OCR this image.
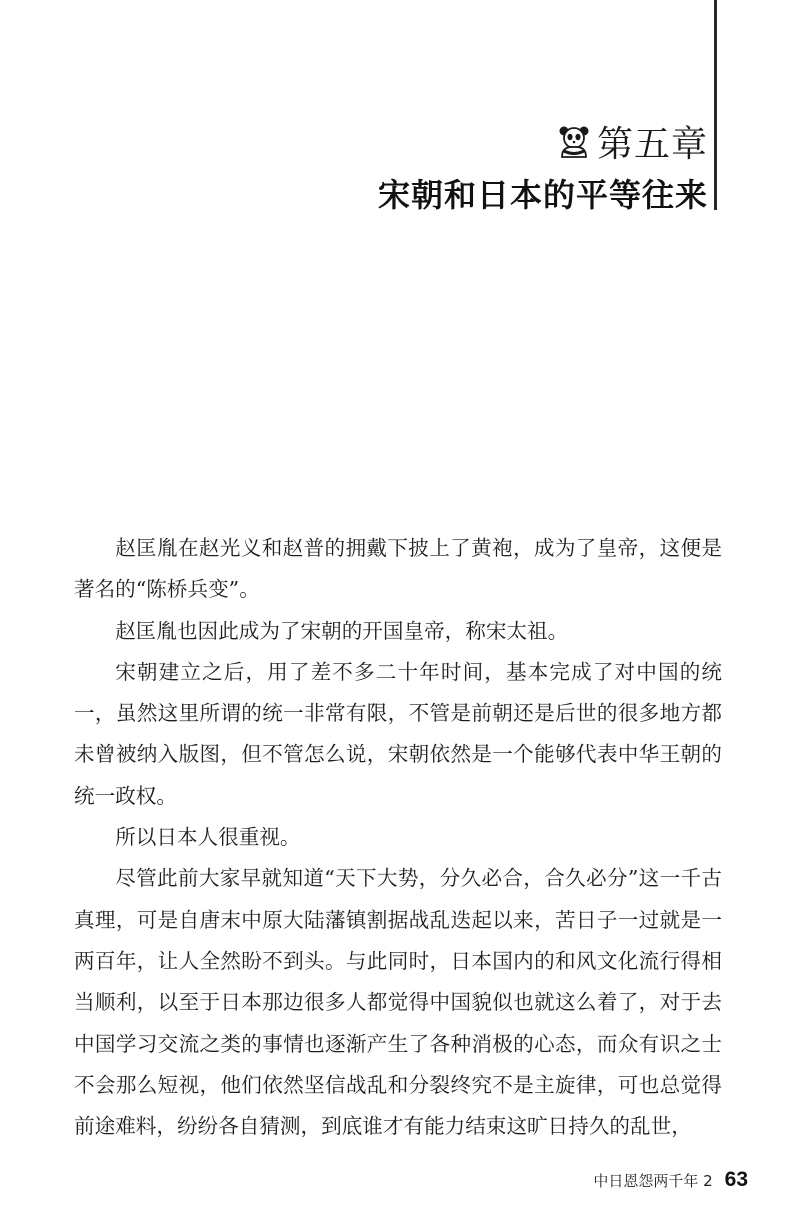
第五章
宋朝和日本的平等往来

赵匡胤在赵光义和赵普的拥戴下披上了黄袍，成为了皇帝，这便是著名的“陈桥兵变”。

赵匡胤也因此成为了宋朝的开国皇帝，称宋太祖。

宋朝建立之后，用了差不多二十年时间，基本完成了对中国的统一，虽然这里所谓的统一非常有限，不管是前朝还是后世的很多地方都未曾被纳入版图，但不管怎么说，宋朝依然是一个能够代表中华王朝的统一政权。

所以日本人很重视。

尽管此前大家早就知道“天下大势，分久必合，合久必分”这一千古真理，可是自唐末中原大陆藩镇割据战乱迭起以来，苦日子一过就是一两百年，让人全然盼不到头。与此同时，日本国内的和风文化流行得相当顺利，以至于日本那边很多人都觉得中国貌似也就这么着了，对于去中国学习交流之类的事情也逐渐产生了各种消极的心态，而众有识之士不会那么短视，他们依然坚信战乱和分裂终究不是主旋律，可也总觉得前途难料，纷纷各自猜测，到底谁才有能力结束这旷日持久的乱世，

中日恩怨两千年 2 63
